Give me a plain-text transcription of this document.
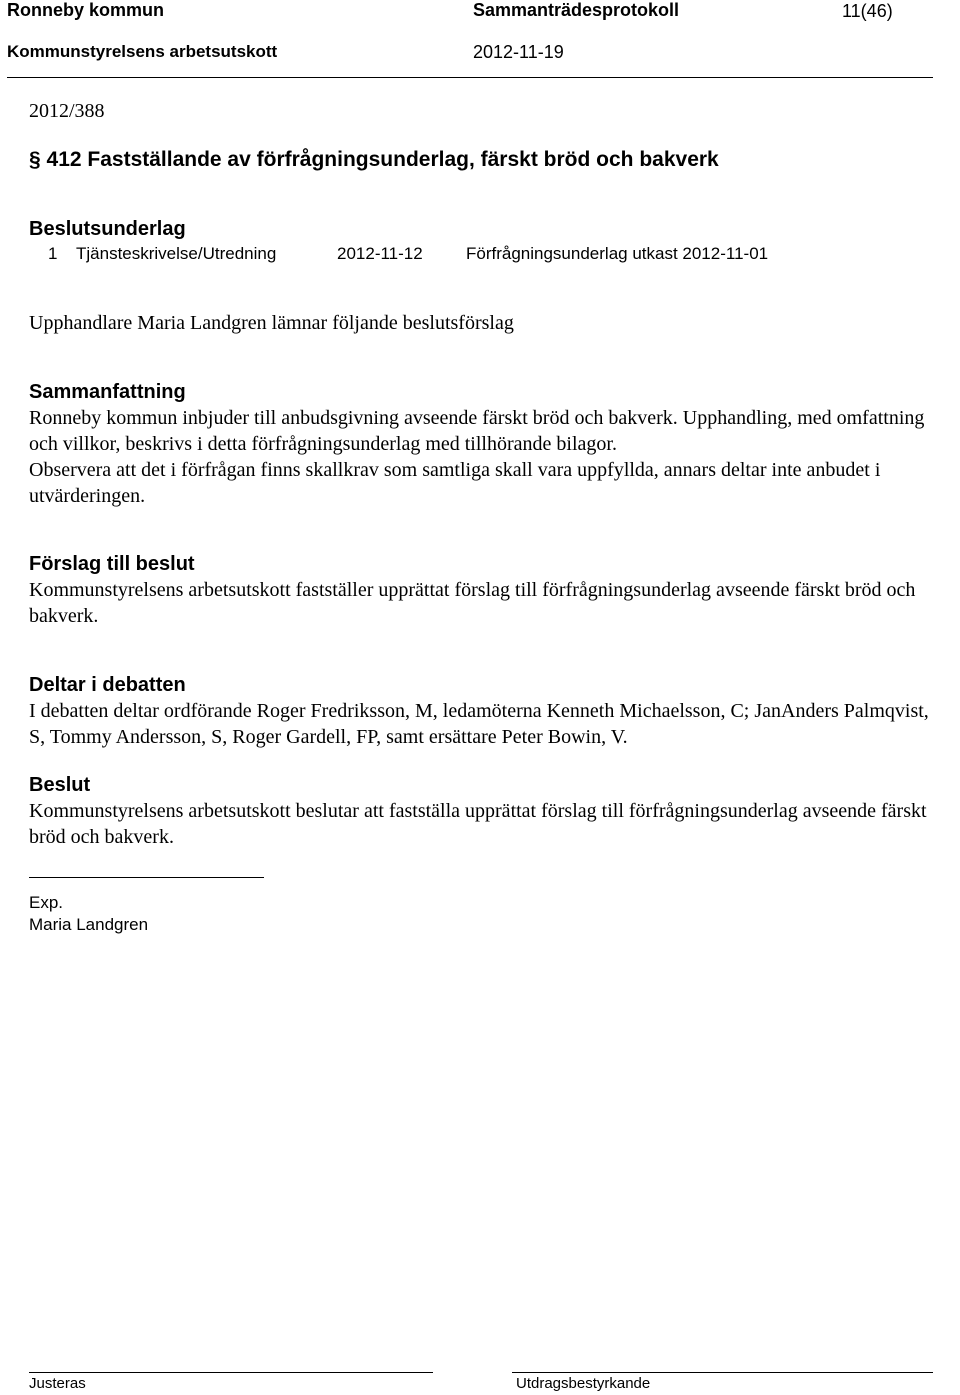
Ronneby kommun	Sammanträdesprotokoll	11(46)
Kommunstyrelsens arbetsutskott	2012-11-19
2012/388
§ 412 Fastställande av förfrågningsunderlag, färskt bröd och bakverk
Beslutsunderlag
1 Tjänsteskrivelse/Utredning	2012-11-12	Förfrågningsunderlag utkast 2012-11-01
Upphandlare Maria Landgren lämnar följande beslutsförslag
Sammanfattning

Ronneby kommun inbjuder till anbudsgivning avseende färskt bröd och bakverk. Upphandling, med omfattning och villkor, beskrivs i detta förfrågningsunderlag med tillhörande bilagor.

Observera att det i förfrågan finns skallkrav som samtliga skall vara uppfyllda, annars deltar inte anbudet i utvärderingen.

Förslag till beslut

Kommunstyrelsens arbetsutskott fastställer upprättat förslag till förfrågningsunderlag avseende färskt bröd och bakverk.

Deltar i debatten

I debatten deltar ordförande Roger Fredriksson, M, ledamöterna Kenneth Michaelsson, C; JanAnders Palmqvist, S, Tommy Andersson, S, Roger Gardell, FP, samt ersättare Peter Bowin, V.

Beslut

Kommunstyrelsens arbetsutskott beslutar att fastställa upprättat förslag till förfrågningsunderlag avseende färskt bröd och bakverk.

Exp.
Maria Landgren
Justeras	Utdragsbestyrkande
